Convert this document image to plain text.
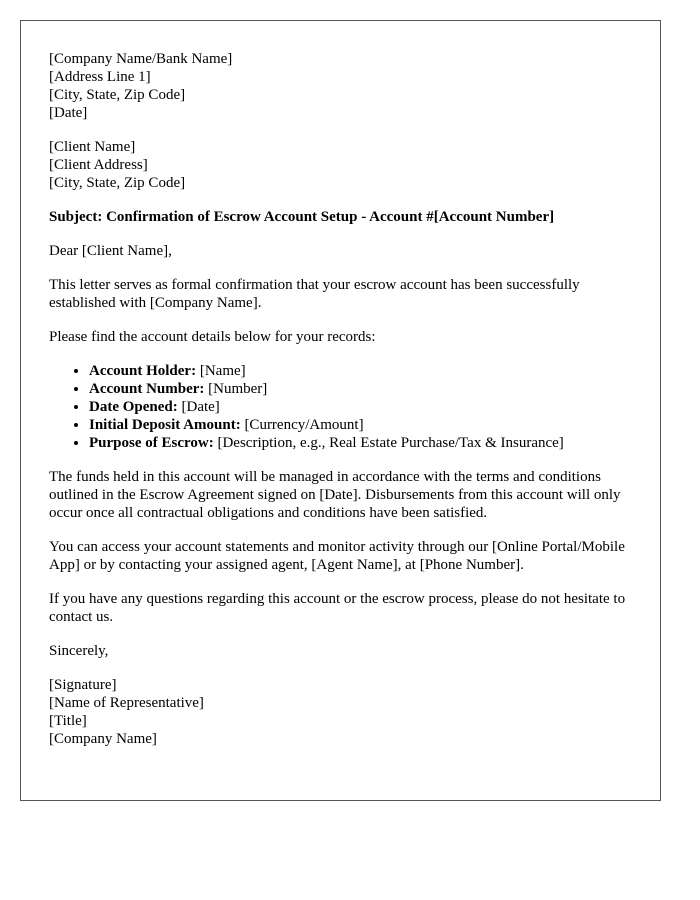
[Company Name/Bank Name]
[Address Line 1]
[City, State, Zip Code]
[Date]
[Client Name]
[Client Address]
[City, State, Zip Code]

Subject: Confirmation of Escrow Account Setup - Account #[Account Number]

Dear [Client Name],

This letter serves as formal confirmation that your escrow account has been successfully established with [Company Name].

Please find the account details below for your records:

• Account Holder: [Name]
• Account Number: [Number]
• Date Opened: [Date]
• Initial Deposit Amount: [Currency/Amount]
• Purpose of Escrow: [Description, e.g., Real Estate Purchase/Tax & Insurance]

The funds held in this account will be managed in accordance with the terms and conditions outlined in the Escrow Agreement signed on [Date]. Disbursements from this account will only occur once all contractual obligations and conditions have been satisfied.

You can access your account statements and monitor activity through our [Online Portal/Mobile App] or by contacting your assigned agent, [Agent Name], at [Phone Number].

If you have any questions regarding this account or the escrow process, please do not hesitate to contact us.

Sincerely,

[Signature]
[Name of Representative]
[Title]
[Company Name]
